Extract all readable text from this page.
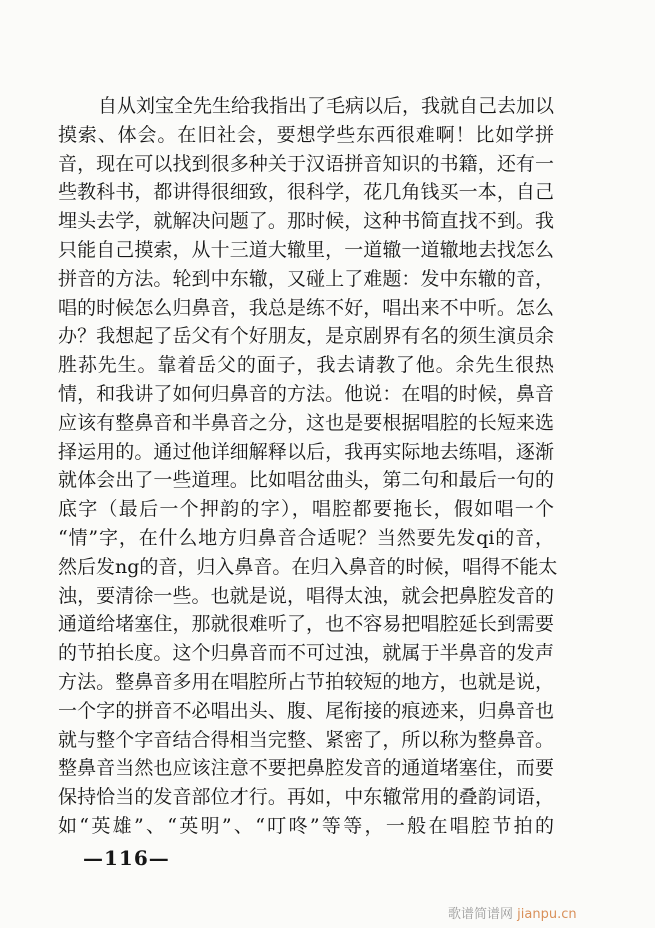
自从刘宝全先生给我指出了毛病以后，我就自己去加以
摸索、体会。在旧社会，要想学些东西很难啊！比如学拼
音，现在可以找到很多种关于汉语拼音知识的书籍，还有一
些教科书，都讲得很细致，很科学，花几角钱买一本，自己
埋头去学，就解决问题了。那时候，这种书简直找不到。我
只能自己摸索，从十三道大辙里，一道辙一道辙地去找怎么
拼音的方法。轮到中东辙，又碰上了难题：发中东辙的音，
唱的时候怎么归鼻音，我总是练不好，唱出来不中听。怎么
办？我想起了岳父有个好朋友，是京剧界有名的须生演员余
胜荪先生。靠着岳父的面子，我去请教了他。余先生很热
情，和我讲了如何归鼻音的方法。他说：在唱的时候，鼻音
应该有整鼻音和半鼻音之分，这也是要根据唱腔的长短来选
择运用的。通过他详细解释以后，我再实际地去练唱，逐渐
就体会出了一些道理。比如唱岔曲头，第二句和最后一句的
底字（最后一个押韵的字），唱腔都要拖长，假如唱一个
“情”字，在什么地方归鼻音合适呢？当然要先发qi的音，
然后发ng的音，归入鼻音。在归入鼻音的时候，唱得不能太
浊，要清徐一些。也就是说，唱得太浊，就会把鼻腔发音的
通道给堵塞住，那就很难听了，也不容易把唱腔延长到需要
的节拍长度。这个归鼻音而不可过浊，就属于半鼻音的发声
方法。整鼻音多用在唱腔所占节拍较短的地方，也就是说，
一个字的拼音不必唱出头、腹、尾衔接的痕迹来，归鼻音也
就与整个字音结合得相当完整、紧密了，所以称为整鼻音。
整鼻音当然也应该注意不要把鼻腔发音的通道堵塞住，而要
保持恰当的发音部位才行。再如，中东辙常用的叠韵词语，
如“英雄”、“英明”、“叮咚”等等，一般在唱腔节拍的
—116—
歌谱简谱网 jianpu.cn
